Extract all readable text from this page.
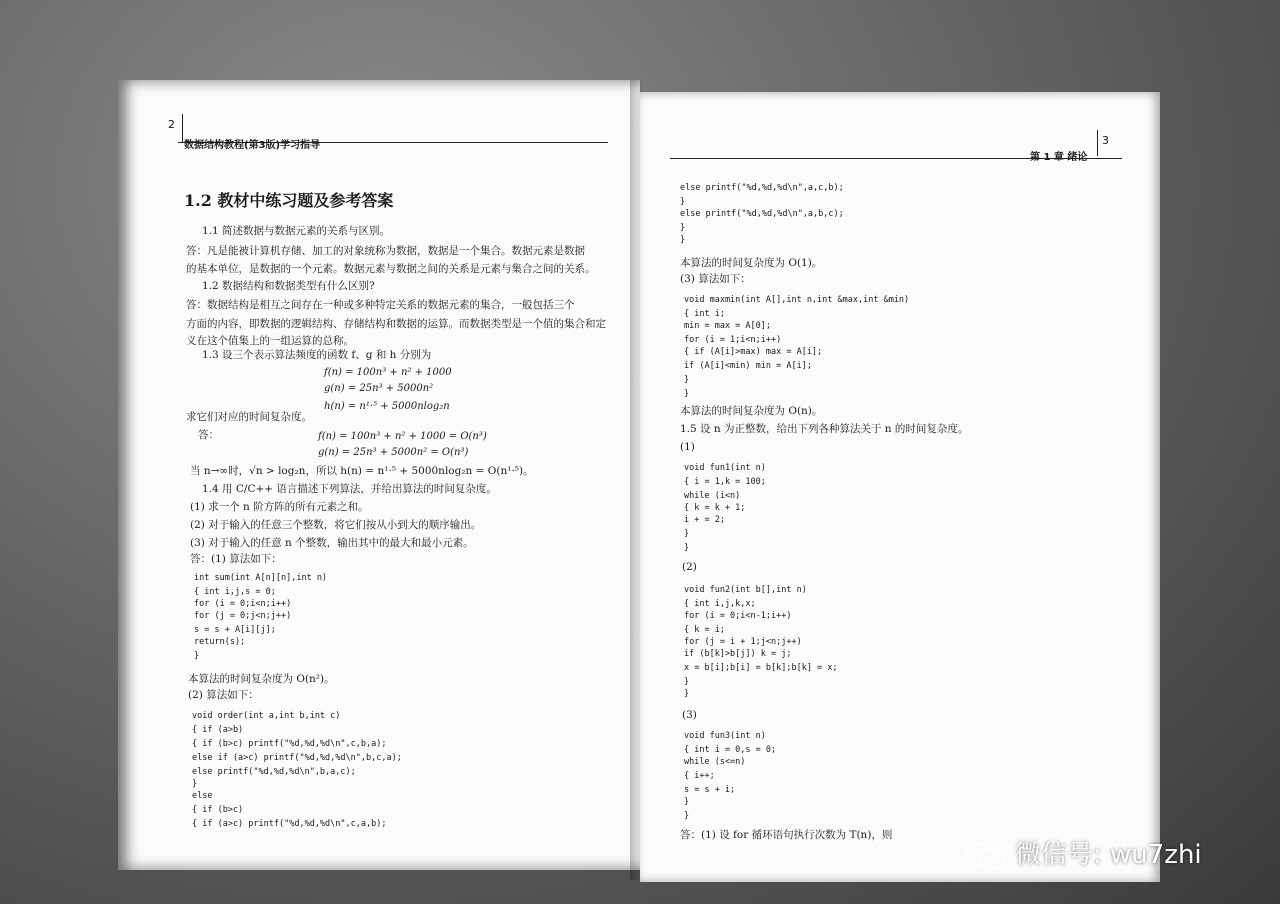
2
数据结构教程(第3版)学习指导
1.2 教材中练习题及参考答案
1.1 简述数据与数据元素的关系与区别。
答：凡是能被计算机存储、加工的对象统称为数据，数据是一个集合。数据元素是数据
的基本单位，是数据的一个元素。数据元素与数据之间的关系是元素与集合之间的关系。
1.2 数据结构和数据类型有什么区别?
答：数据结构是相互之间存在一种或多种特定关系的数据元素的集合，一般包括三个
方面的内容，即数据的逻辑结构、存储结构和数据的运算。而数据类型是一个值的集合和定
义在这个值集上的一组运算的总称。
1.3 设三个表示算法频度的函数 f、g 和 h 分别为
f(n) = 100n³ + n² + 1000
g(n) = 25n³ + 5000n²
h(n) = n¹·⁵ + 5000nlog₂n
求它们对应的时间复杂度。
答：	f(n) = 100n³ + n² + 1000 = O(n³)
g(n) = 25n³ + 5000n² = O(n³)
当 n→∞时，√n > log₂n，所以 h(n) = n¹·⁵ + 5000nlog₂n = O(n¹·⁵)。
1.4 用 C/C++ 语言描述下列算法，并给出算法的时间复杂度。
(1) 求一个 n 阶方阵的所有元素之和。
(2) 对于输入的任意三个整数，将它们按从小到大的顺序输出。
(3) 对于输入的任意 n 个整数，输出其中的最大和最小元素。
答：(1) 算法如下：
int sum(int A[n][n],int n)
{ int i,j,s = 0;
for (i = 0;i<n;i++)
for (j = 0;j<n;j++)
s = s + A[i][j];
return(s);
}
本算法的时间复杂度为 O(n²)。
(2) 算法如下：
void order(int a,int b,int c)
{ if (a>b)
{ if (b>c) printf("%d,%d,%d\n",c,b,a);
else if (a>c) printf("%d,%d,%d\n",b,c,a);
else printf("%d,%d,%d\n",b,a,c);
}
else
{ if (b>c)
{ if (a>c) printf("%d,%d,%d\n",c,a,b);
3
第 1 章 绪论
else printf("%d,%d,%d\n",a,c,b);
}
else printf("%d,%d,%d\n",a,b,c);
}
}
本算法的时间复杂度为 O(1)。
(3) 算法如下：
void maxmin(int A[],int n,int &max,int &min)
{ int i;
min = max = A[0];
for (i = 1;i<n;i++)
{ if (A[i]>max) max = A[i];
if (A[i]<min) min = A[i];
}
}
本算法的时间复杂度为 O(n)。
1.5 设 n 为正整数，给出下列各种算法关于 n 的时间复杂度。
(1)
void fun1(int n)
{ i = 1,k = 100;
while (i<n)
{ k = k + 1;
i + = 2;
}
}
(2)
void fun2(int b[],int n)
{ int i,j,k,x;
for (i = 0;i<n-1;i++)
{ k = i;
for (j = i + 1;j<n;j++)
if (b[k]>b[j]) k = j;
x = b[i];b[i] = b[k];b[k] = x;
}
}
(3)
void fun3(int n)
{ int i = 0,s = 0;
while (s<=n)
{ i++;
s = s + i;
}
}
答：(1) 设 for 循环语句执行次数为 T(n)，则
微信号: wu7zhi
